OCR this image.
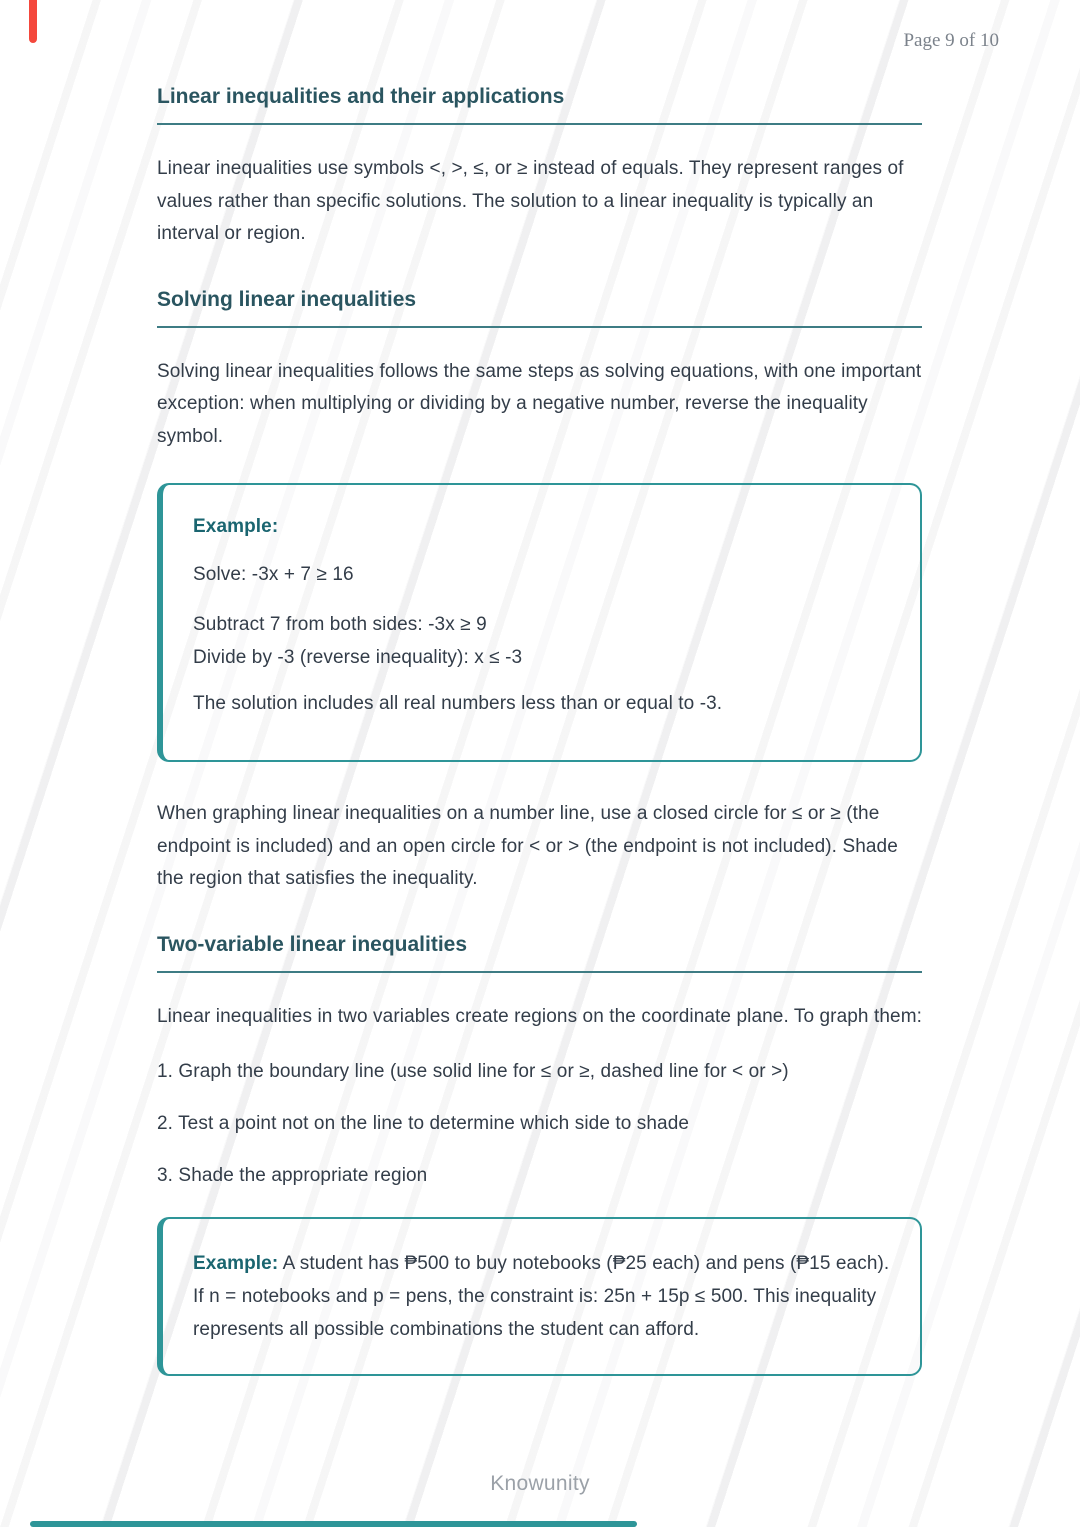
Page 9 of 10
Linear inequalities and their applications

Linear inequalities use symbols <, >, ≤, or ≥ instead of equals. They represent ranges of values rather than specific solutions. The solution to a linear inequality is typically an interval or region.

Solving linear inequalities

Solving linear inequalities follows the same steps as solving equations, with one important exception: when multiplying or dividing by a negative number, reverse the inequality symbol.

Example:

Solve: -3x + 7 ≥ 16

Subtract 7 from both sides: -3x ≥ 9
Divide by -3 (reverse inequality): x ≤ -3

The solution includes all real numbers less than or equal to -3.

When graphing linear inequalities on a number line, use a closed circle for ≤ or ≥ (the endpoint is included) and an open circle for < or > (the endpoint is not included). Shade the region that satisfies the inequality.

Two-variable linear inequalities

Linear inequalities in two variables create regions on the coordinate plane. To graph them:

1. Graph the boundary line (use solid line for ≤ or ≥, dashed line for < or >)
2. Test a point not on the line to determine which side to shade
3. Shade the appropriate region
Example: A student has ₱500 to buy notebooks (₱25 each) and pens (₱15 each). If n = notebooks and p = pens, the constraint is: 25n + 15p ≤ 500. This inequality represents all possible combinations the student can afford.
Knowunity
